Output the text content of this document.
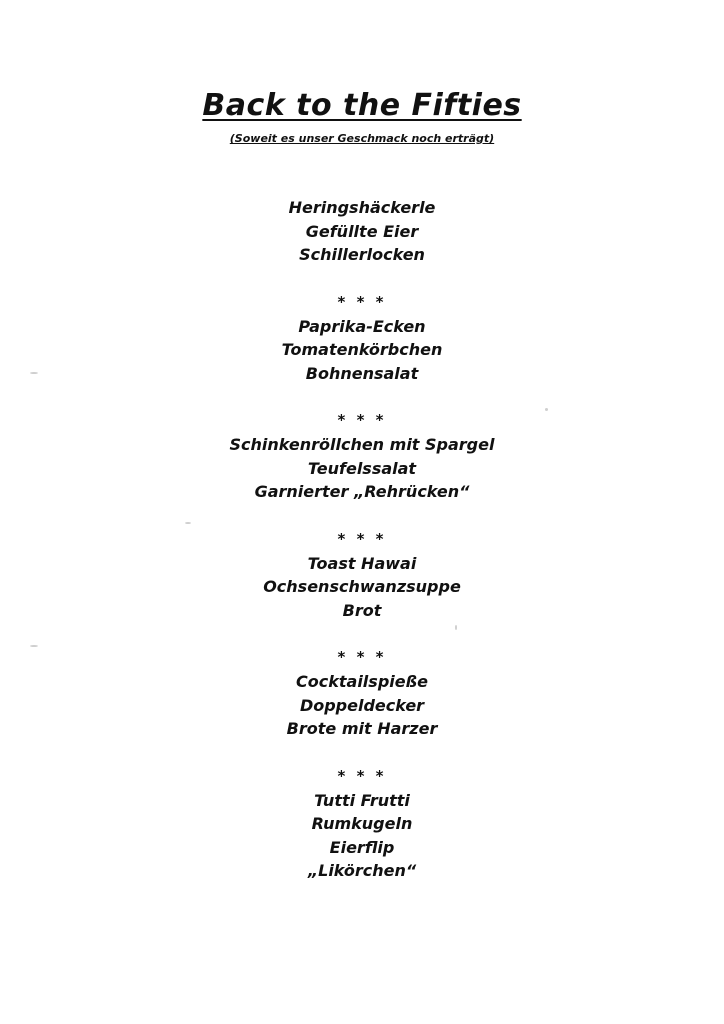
Back to the Fifties
(Soweit es unser Geschmack noch erträgt)
Heringshäckerle
Gefüllte Eier
Schillerlocken
* * *
Paprika-Ecken
Tomatenkörbchen
Bohnensalat
* * *
Schinkenröllchen mit Spargel
Teufelssalat
Garnierter „Rehrücken“
* * *
Toast Hawai
Ochsenschwanzsuppe
Brot
* * *
Cocktailspieße
Doppeldecker
Brote mit Harzer
* * *
Tutti Frutti
Rumkugeln
Eierflip
„Likörchen“
